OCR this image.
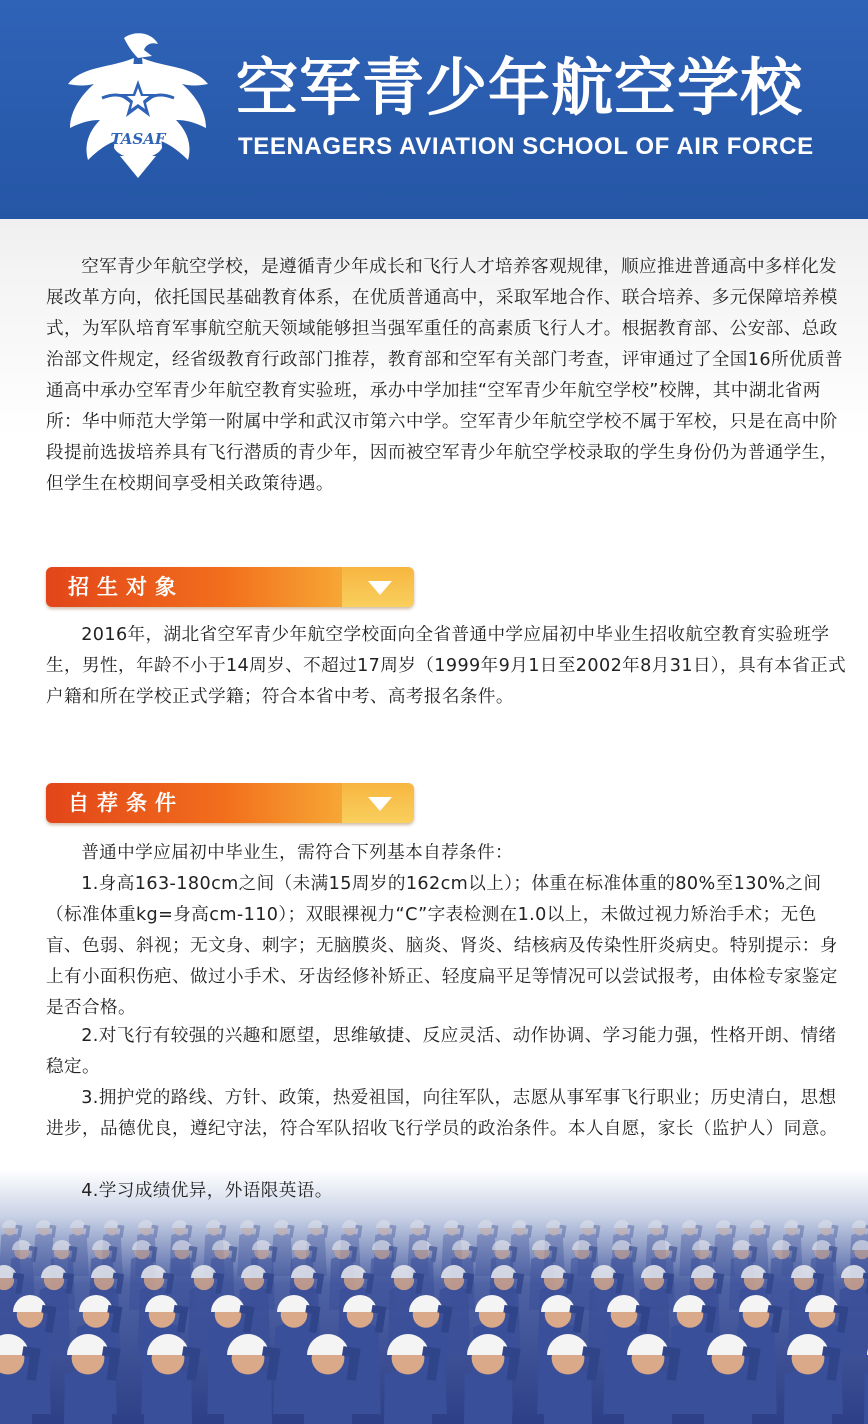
TASAF
空军青少年航空学校
TEENAGERS AVIATION SCHOOL OF AIR FORCE

空军青少年航空学校，是遵循青少年成长和飞行人才培养客观规律，顺应推进普通高中多样化发展改革方向，依托国民基础教育体系，在优质普通高中，采取军地合作、联合培养、多元保障培养模式，为军队培育军事航空航天领域能够担当强军重任的高素质飞行人才。根据教育部、公安部、总政治部文件规定，经省级教育行政部门推荐，教育部和空军有关部门考查，评审通过了全国16所优质普通高中承办空军青少年航空教育实验班，承办中学加挂“空军青少年航空学校”校牌，其中湖北省两所：华中师范大学第一附属中学和武汉市第六中学。空军青少年航空学校不属于军校，只是在高中阶段提前选拔培养具有飞行潜质的青少年，因而被空军青少年航空学校录取的学生身份仍为普通学生，但学生在校期间享受相关政策待遇。

招生对象

2016年，湖北省空军青少年航空学校面向全省普通中学应届初中毕业生招收航空教育实验班学生，男性，年龄不小于14周岁、不超过17周岁（1999年9月1日至2002年8月31日），具有本省正式户籍和所在学校正式学籍；符合本省中考、高考报名条件。

自荐条件

普通中学应届初中毕业生，需符合下列基本自荐条件：

1.身高163-180cm之间（未满15周岁的162cm以上）；体重在标准体重的80%至130%之间（标准体重kg=身高cm-110）；双眼裸视力“C”字表检测在1.0以上，未做过视力矫治手术；无色盲、色弱、斜视；无文身、刺字；无脑膜炎、脑炎、肾炎、结核病及传染性肝炎病史。特别提示：身上有小面积伤疤、做过小手术、牙齿经修补矫正、轻度扁平足等情况可以尝试报考，由体检专家鉴定是否合格。

2.对飞行有较强的兴趣和愿望，思维敏捷、反应灵活、动作协调、学习能力强，性格开朗、情绪稳定。

3.拥护党的路线、方针、政策，热爱祖国，向往军队，志愿从事军事飞行职业；历史清白，思想进步，品德优良，遵纪守法，符合军队招收飞行学员的政治条件。本人自愿，家长（监护人）同意。

4.学习成绩优异，外语限英语。
